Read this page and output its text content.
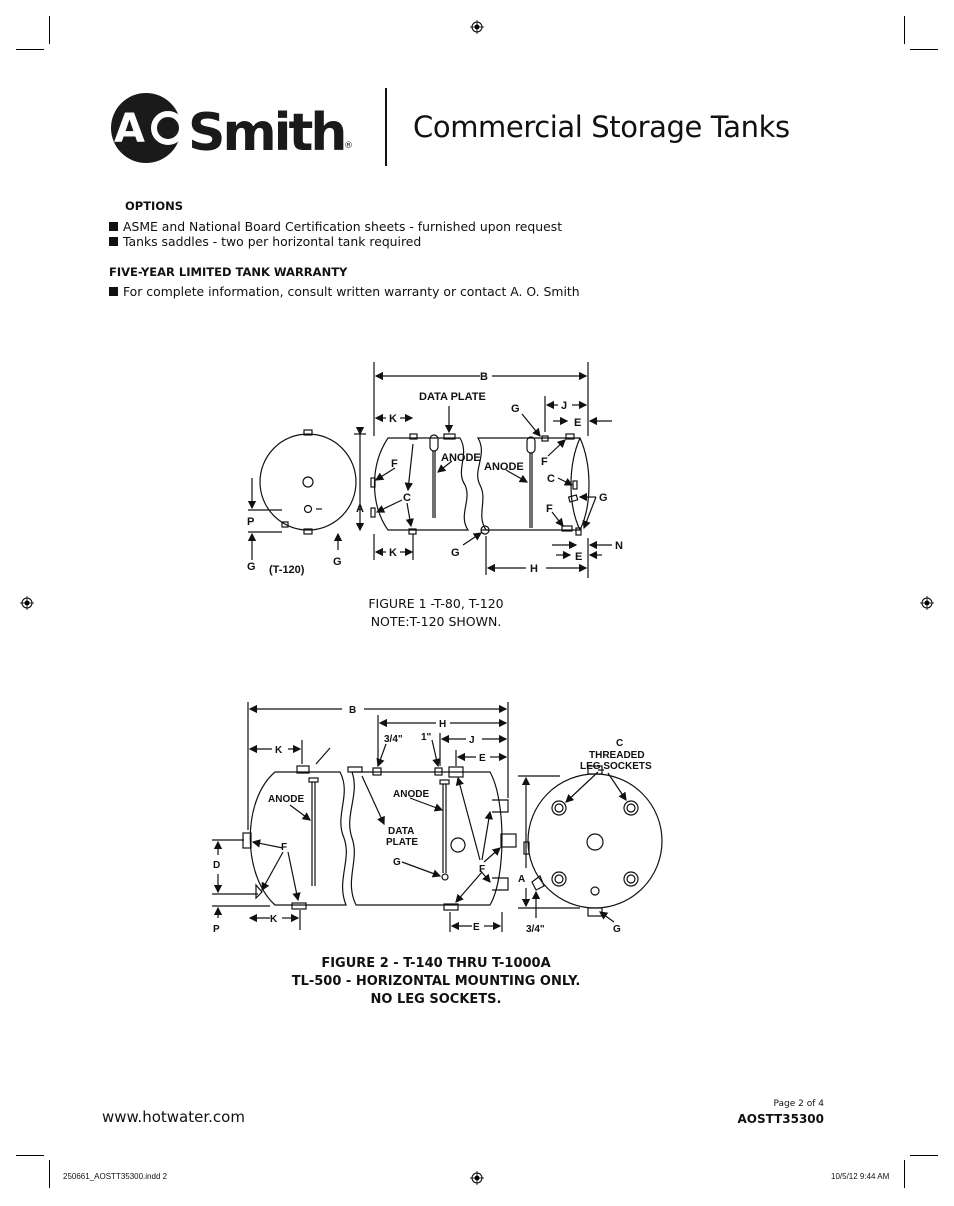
A Smith ®
Commercial Storage Tanks
OPTIONS
ASME and National Board Certification sheets - furnished upon request
Tanks saddles - two per horizontal tank required
FIVE-YEAR LIMITED TANK WARRANTY
For complete information, consult written warranty or contact A. O. Smith
B
DATA PLATE
K
G	J
E
F	ANODE
ANODE F
C
C	G
F
A
P
K	G
N
E
G
G (T-120)	H
FIGURE 1 -T-80, T-120
NOTE:T-120 SHOWN.
B
H
3/4" 1"	J
K
E
C
THREADED
LEG SOCKETS
ANODE
ANODE
DATA
PLATE
F
G
D	F
A
K
E	3/4"	G
P
FIGURE 2 - T-140 THRU T-1000A
TL-500 - HORIZONTAL MOUNTING ONLY.
NO LEG SOCKETS.
www.hotwater.com
Page 2 of 4
AOSTT35300
250661_AOSTT35300.indd 2	10/5/12 9:44 AM
